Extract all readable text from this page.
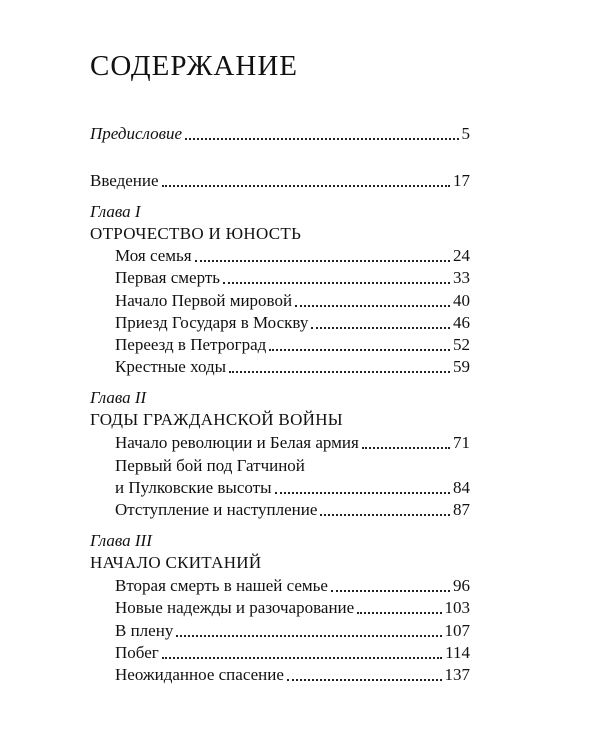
СОДЕРЖАНИЕ
Предисловие	5
Введение	17
Глава I
ОТРОЧЕСТВО И ЮНОСТЬ
Моя семья	24
Первая смерть	33
Начало Первой мировой	40
Приезд Государя в Москву	46
Переезд в Петроград	52
Крестные ходы	59
Глава II
ГОДЫ ГРАЖДАНСКОЙ ВОЙНЫ
Начало революции и Белая армия	71
Первый бой под Гатчиной
и Пулковские высоты	84
Отступление и наступление	87
Глава III
НАЧАЛО СКИТАНИЙ
Вторая смерть в нашей семье	96
Новые надежды и разочарование	103
В плену	107
Побег	114
Неожиданное спасение	137
